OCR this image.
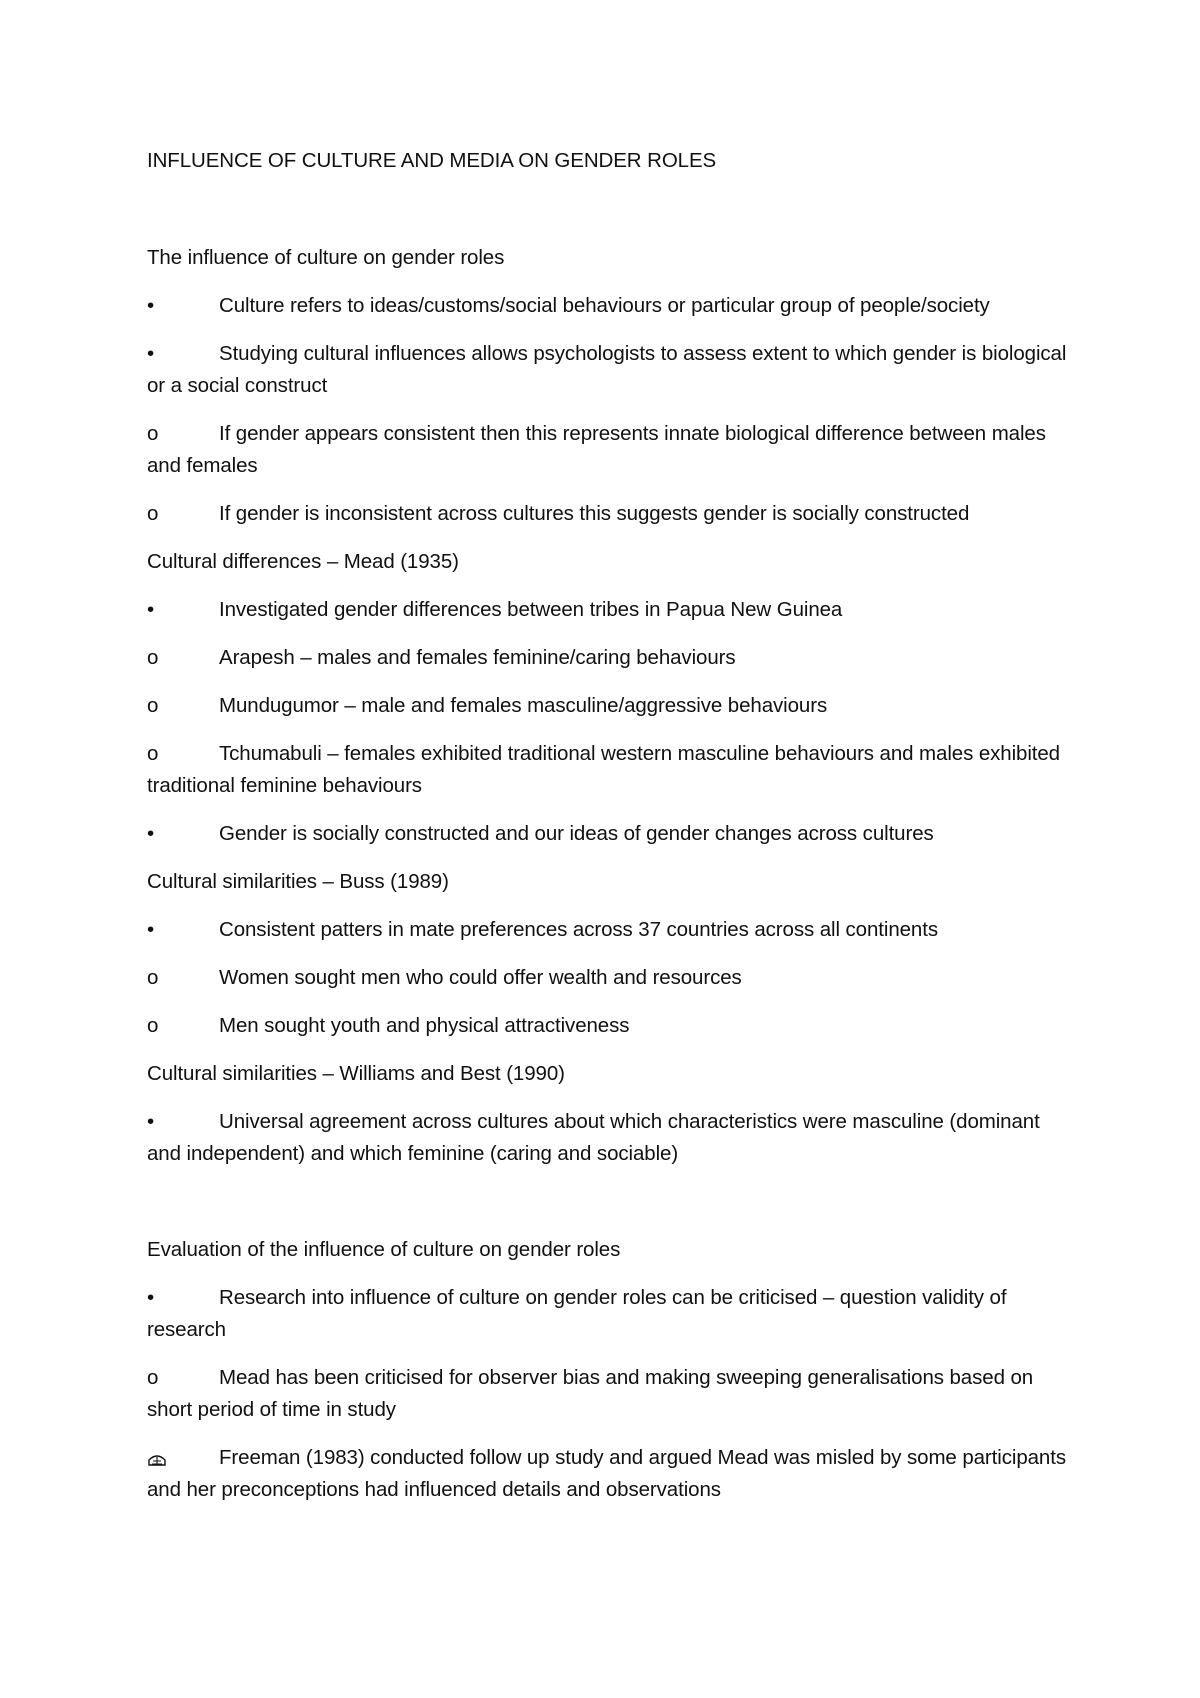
INFLUENCE OF CULTURE AND MEDIA ON GENDER ROLES
The influence of culture on gender roles
•	Culture refers to ideas/customs/social behaviours or particular group of people/society
•	Studying cultural influences allows psychologists to assess extent to which gender is biological or a social construct
o	If gender appears consistent then this represents innate biological difference between males and females
o	If gender is inconsistent across cultures this suggests gender is socially constructed
Cultural differences – Mead (1935)
•	Investigated gender differences between tribes in Papua New Guinea
o	Arapesh – males and females feminine/caring behaviours
o	Mundugumor – male and females masculine/aggressive behaviours
o	Tchumabuli – females exhibited traditional western masculine behaviours and males exhibited traditional feminine behaviours
•	Gender is socially constructed and our ideas of gender changes across cultures
Cultural similarities – Buss (1989)
•	Consistent patters in mate preferences across 37 countries across all continents
o	Women sought men who could offer wealth and resources
o	Men sought youth and physical attractiveness
Cultural similarities – Williams and Best (1990)
•	Universal agreement across cultures about which characteristics were masculine (dominant and independent) and which feminine (caring and sociable)
Evaluation of the influence of culture on gender roles
•	Research into influence of culture on gender roles can be criticised – question validity of research
o	Mead has been criticised for observer bias and making sweeping generalisations based on short period of time in study
Freeman (1983) conducted follow up study and argued Mead was misled by some participants and her preconceptions had influenced details and observations
